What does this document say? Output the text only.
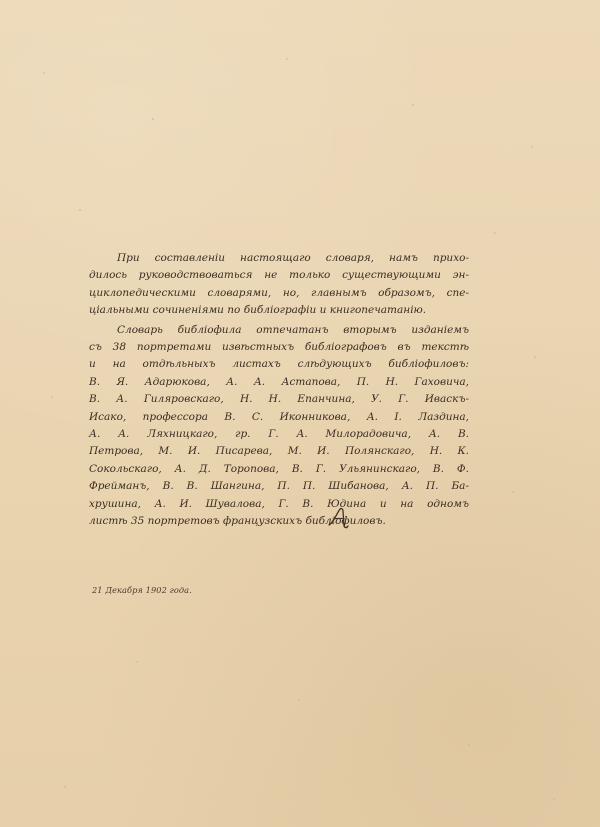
При составленіи настоящаго словаря, намъ прихо-
дилось руководствоваться не только существующими эн-
циклопедическими словарями, но, главнымъ образомъ, спе-
ціальными сочиненіями по библіографіи и книгопечатанію.
Словарь библіофила отпечатанъ вторымъ изданіемъ
съ 38 портретами извѣстныхъ библіографовъ въ текстѣ
и на отдѣльныхъ листахъ слѣдующихъ библіофиловъ:
В. Я. Адарюкова, А. А. Астапова, П. Н. Гаховича,
В. А. Гиляровскаго, Н. Н. Епанчина, У. Г. Иваскъ-
Исако, профессора В. С. Иконникова, А. І. Лаздина,
А. А. Ляхницкаго, гр. Г. А. Милорадовича, А. В.
Петрова, М. И. Писарева, М. И. Полянскаго, Н. К.
Сокольскаго, А. Д. Торопова, В. Г. Ульянинскаго, В. Ф.
Фрейманъ, В. В. Шангина, П. П. Шибанова, А. П. Ба-
хрушина, А. И. Шувалова, Г. В. Юдина и на одномъ
листѣ 35 портретовъ французскихъ библіофиловъ.
21 Декабря 1902 года.
